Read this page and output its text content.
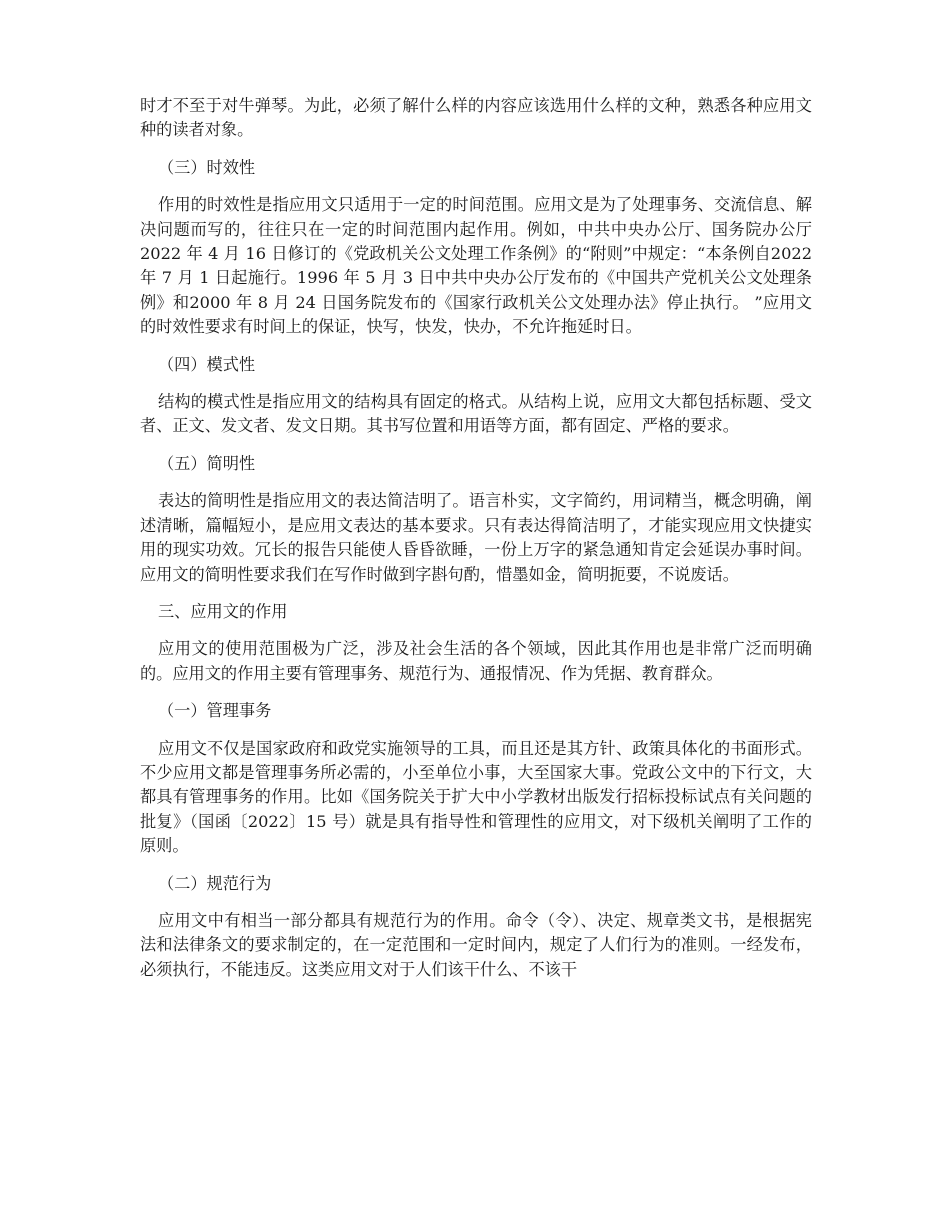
时才不至于对牛弹琴。为此，必须了解什么样的内容应该选用什么样的文种，熟悉各种应用文种的读者对象。

（三）时效性

作用的时效性是指应用文只适用于一定的时间范围。应用文是为了处理事务、交流信息、解决问题而写的，往往只在一定的时间范围内起作用。例如，中共中央办公厅、国务院办公厅 2022 年 4 月 16 日修订的《党政机关公文处理工作条例》的“附则”中规定：“本条例自2022 年 7 月 1 日起施行。1996 年 5 月 3 日中共中央办公厅发布的《中国共产党机关公文处理条例》和2000 年 8 月 24 日国务院发布的《国家行政机关公文处理办法》停止执行。 ”应用文的时效性要求有时间上的保证，快写，快发，快办，不允许拖延时日。

（四）模式性

结构的模式性是指应用文的结构具有固定的格式。从结构上说，应用文大都包括标题、受文者、正文、发文者、发文日期。其书写位置和用语等方面，都有固定、严格的要求。

（五）简明性

表达的简明性是指应用文的表达简洁明了。语言朴实，文字简约，用词精当，概念明确，阐述清晰，篇幅短小，是应用文表达的基本要求。只有表达得简洁明了，才能实现应用文快捷实用的现实功效。冗长的报告只能使人昏昏欲睡，一份上万字的紧急通知肯定会延误办事时间。应用文的简明性要求我们在写作时做到字斟句酌，惜墨如金，简明扼要，不说废话。

三、应用文的作用

应用文的使用范围极为广泛，涉及社会生活的各个领域，因此其作用也是非常广泛而明确的。应用文的作用主要有管理事务、规范行为、通报情况、作为凭据、教育群众。

（一）管理事务

应用文不仅是国家政府和政党实施领导的工具，而且还是其方针、政策具体化的书面形式。不少应用文都是管理事务所必需的，小至单位小事，大至国家大事。党政公文中的下行文，大都具有管理事务的作用。比如《国务院关于扩大中小学教材出版发行招标投标试点有关问题的批复》（国函〔2022〕15 号）就是具有指导性和管理性的应用文，对下级机关阐明了工作的原则。

（二）规范行为

应用文中有相当一部分都具有规范行为的作用。命令（令）、决定、规章类文书，是根据宪法和法律条文的要求制定的，在一定范围和一定时间内，规定了人们行为的准则。一经发布，必须执行，不能违反。这类应用文对于人们该干什么、不该干
